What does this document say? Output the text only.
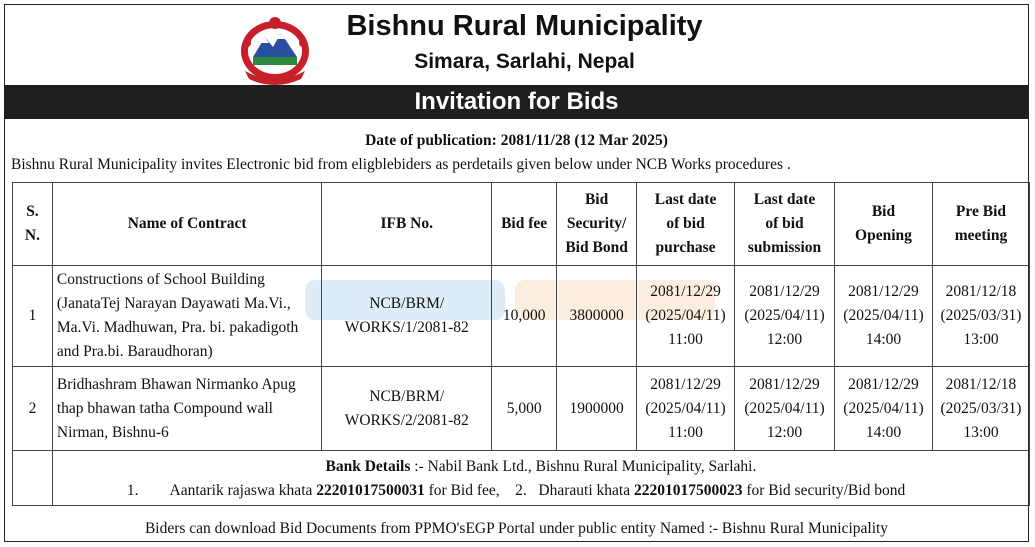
Bishnu Rural Municipality
Simara, Sarlahi, Nepal
Invitation for Bids
Date of publication: 2081/11/28 (12 Mar 2025)
Bishnu Rural Municipality invites Electronic bid from eligblebiders as perdetails given below under NCB Works procedures .
S.
N.	Name of Contract	IFB No.	Bid fee	Bid
Security/
Bid Bond	Last date
of bid
purchase	Last date
of bid
submission	Bid
Opening	Pre Bid
meeting
1	Constructions of School Building
(JanataTej Narayan Dayawati Ma.Vi.,
Ma.Vi. Madhuwan, Pra. bi. pakadigoth
and Pra.bi. Baraudhoran)	NCB/BRM/
WORKS/1/2081-82	10,000	3800000	2081/12/29
(2025/04/11)
11:00	2081/12/29
(2025/04/11)
12:00	2081/12/29
(2025/04/11)
14:00	2081/12/18
(2025/03/31)
13:00
2	Bridhashram Bhawan Nirmanko Apug
thap bhawan tatha Compound wall
Nirman, Bishnu-6	NCB/BRM/
WORKS/2/2081-82	5,000	1900000	2081/12/29
(2025/04/11)
11:00	2081/12/29
(2025/04/11)
12:00	2081/12/29
(2025/04/11)
14:00	2081/12/18
(2025/03/31)
13:00

	Bank Details :- Nabil Bank Ltd., Bishnu Rural Municipality, Sarlahi.
1. Aantarik rajaswa khata 22201017500031 for Bid fee, 2. Dharauti khata 22201017500023 for Bid security/Bid bond							
Biders can download Bid Documents from PPMO'sEGP Portal under public entity Named :- Bishnu Rural Municipality
